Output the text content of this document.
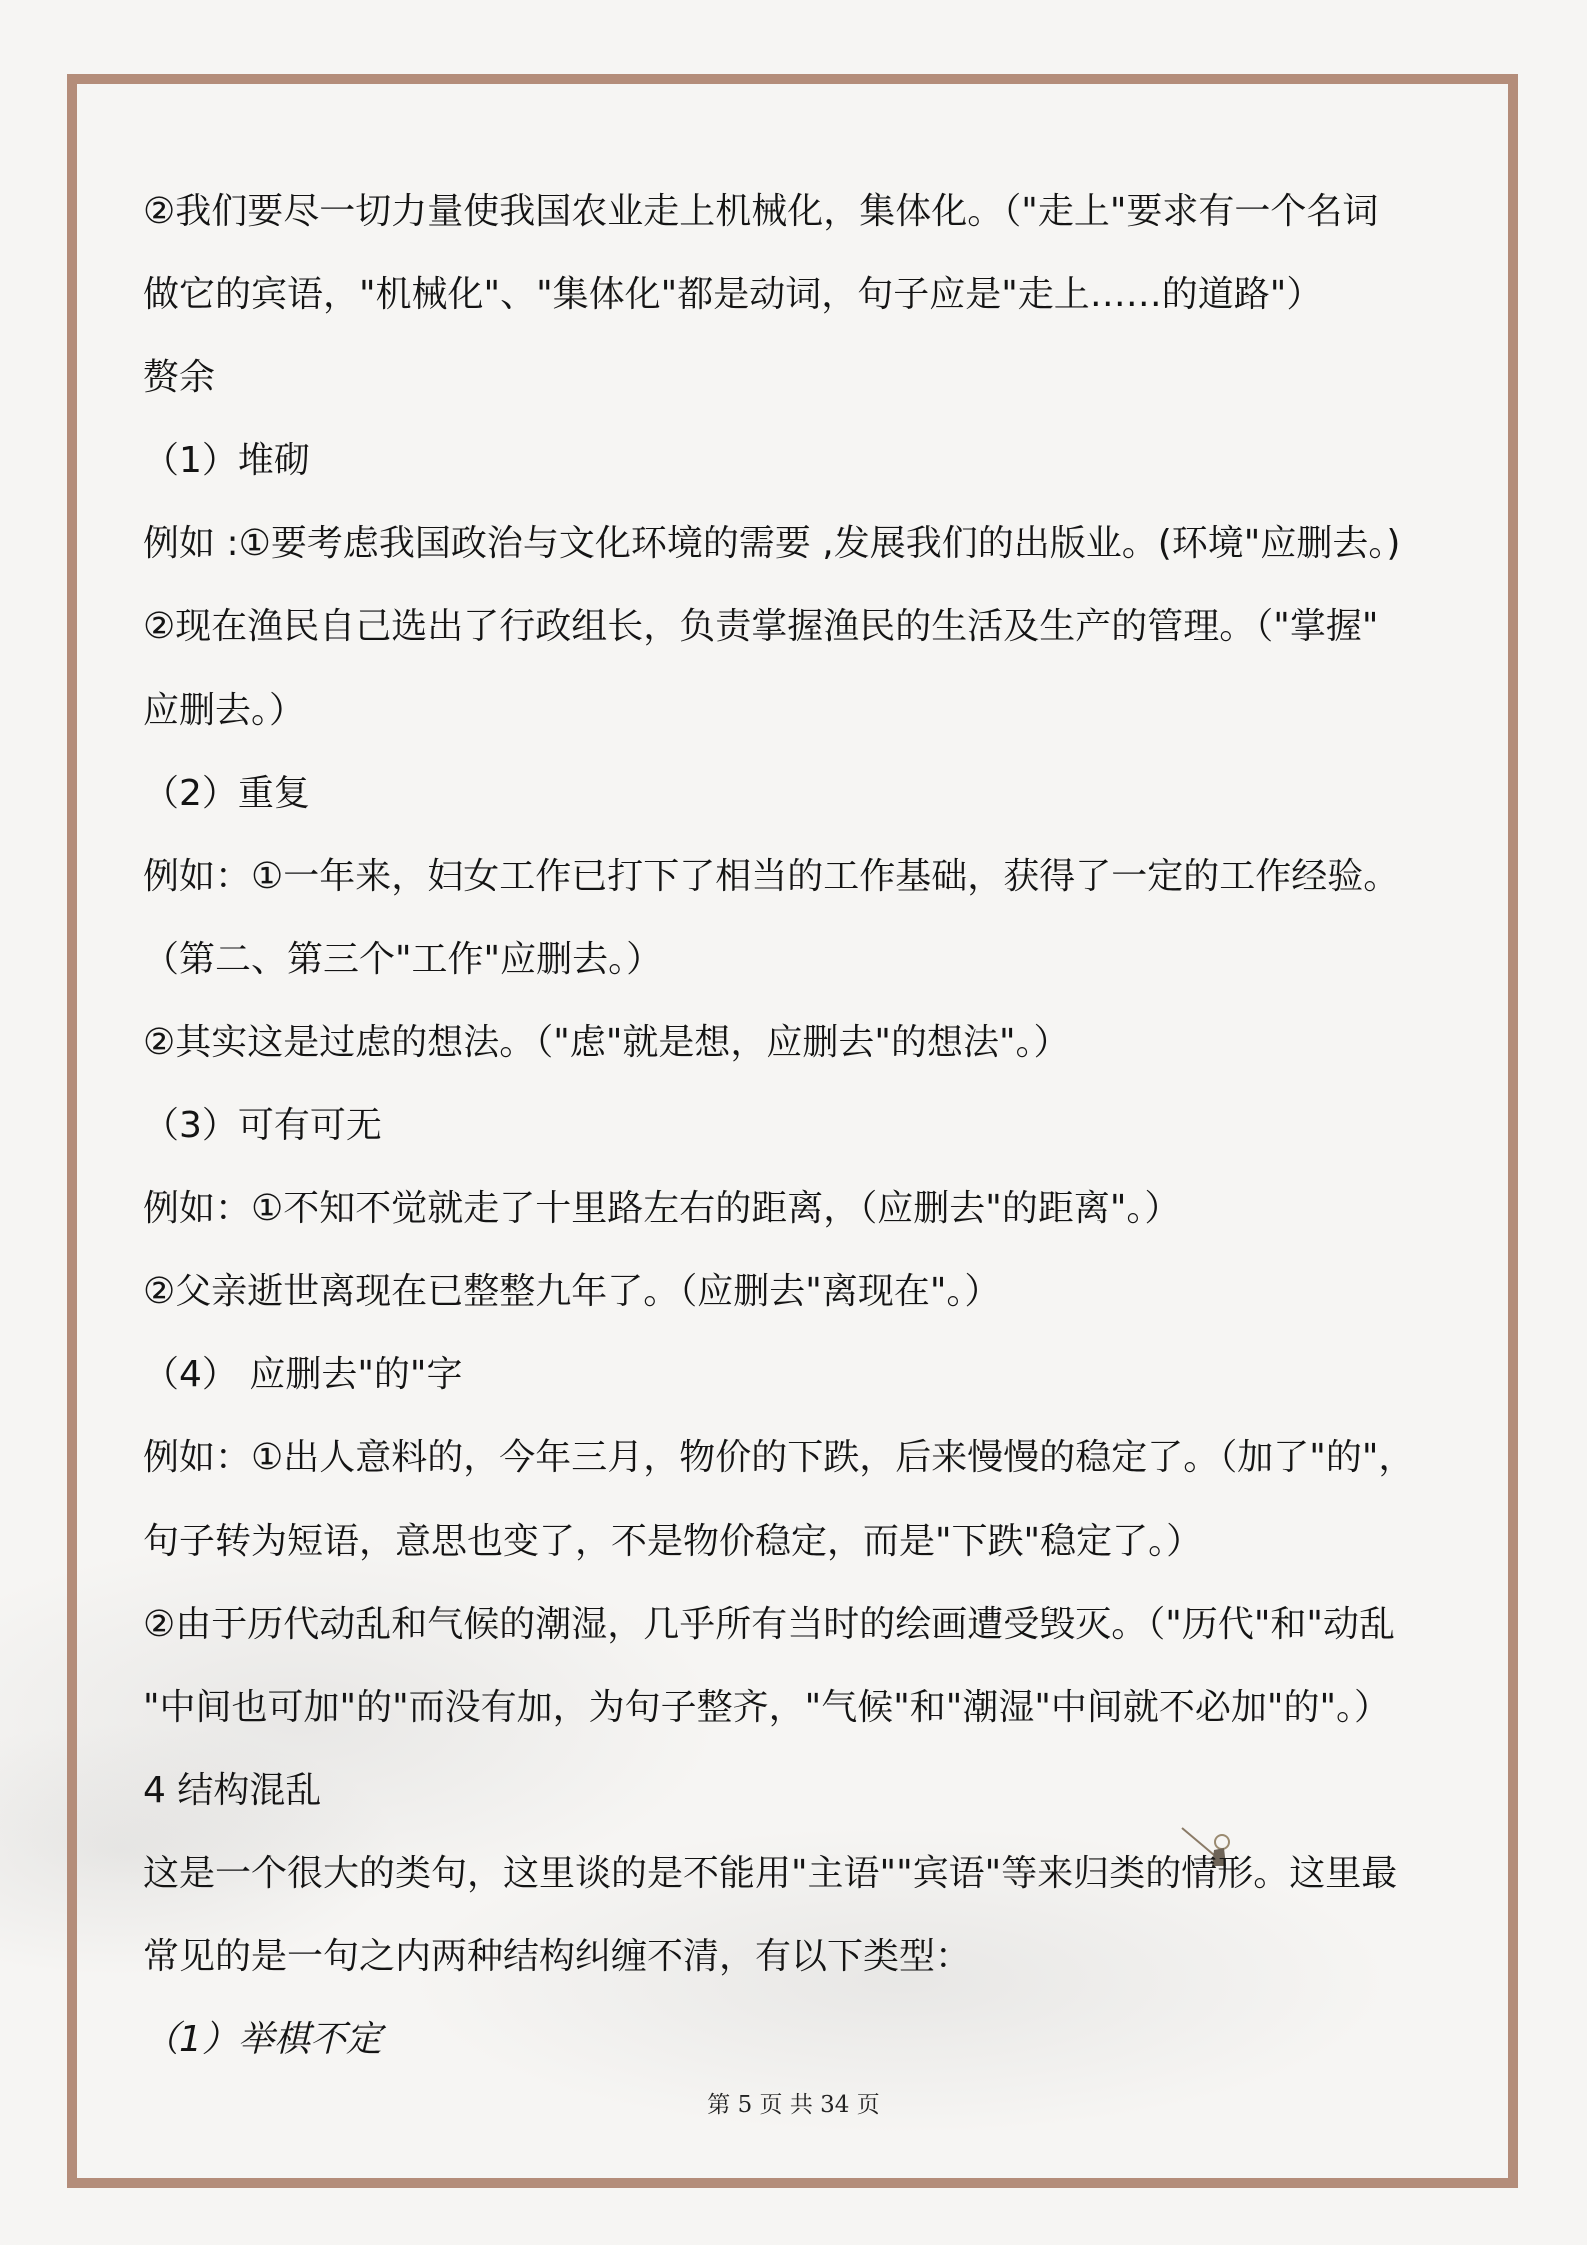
②我们要尽一切力量使我国农业走上机械化，集体化。（"走上"要求有一个名词
做它的宾语，"机械化"、"集体化"都是动词，句子应是"走上……的道路"）
赘余
（1）堆砌
例如 :①要考虑我国政治与文化环境的需要 ,发展我们的出版业。(环境"应删去。)
②现在渔民自己选出了行政组长，负责掌握渔民的生活及生产的管理。（"掌握"
应删去。）
（2）重复
例如：①一年来，妇女工作已打下了相当的工作基础，获得了一定的工作经验。
（第二、第三个"工作"应删去。）
②其实这是过虑的想法。（"虑"就是想，应删去"的想法"。）
（3）可有可无
例如：①不知不觉就走了十里路左右的距离，（应删去"的距离"。）
②父亲逝世离现在已整整九年了。（应删去"离现在"。）
（4） 应删去"的"字
例如：①出人意料的，今年三月，物价的下跌，后来慢慢的稳定了。（加了"的"，
句子转为短语，意思也变了，不是物价稳定，而是"下跌"稳定了。）
②由于历代动乱和气候的潮湿，几乎所有当时的绘画遭受毁灭。（"历代"和"动乱
"中间也可加"的"而没有加，为句子整齐，"气候"和"潮湿"中间就不必加"的"。）
4 结构混乱
这是一个很大的类句，这里谈的是不能用"主语""宾语"等来归类的情形。这里最
常见的是一句之内两种结构纠缠不清，有以下类型：
（1）举棋不定
第 5 页 共 34 页
